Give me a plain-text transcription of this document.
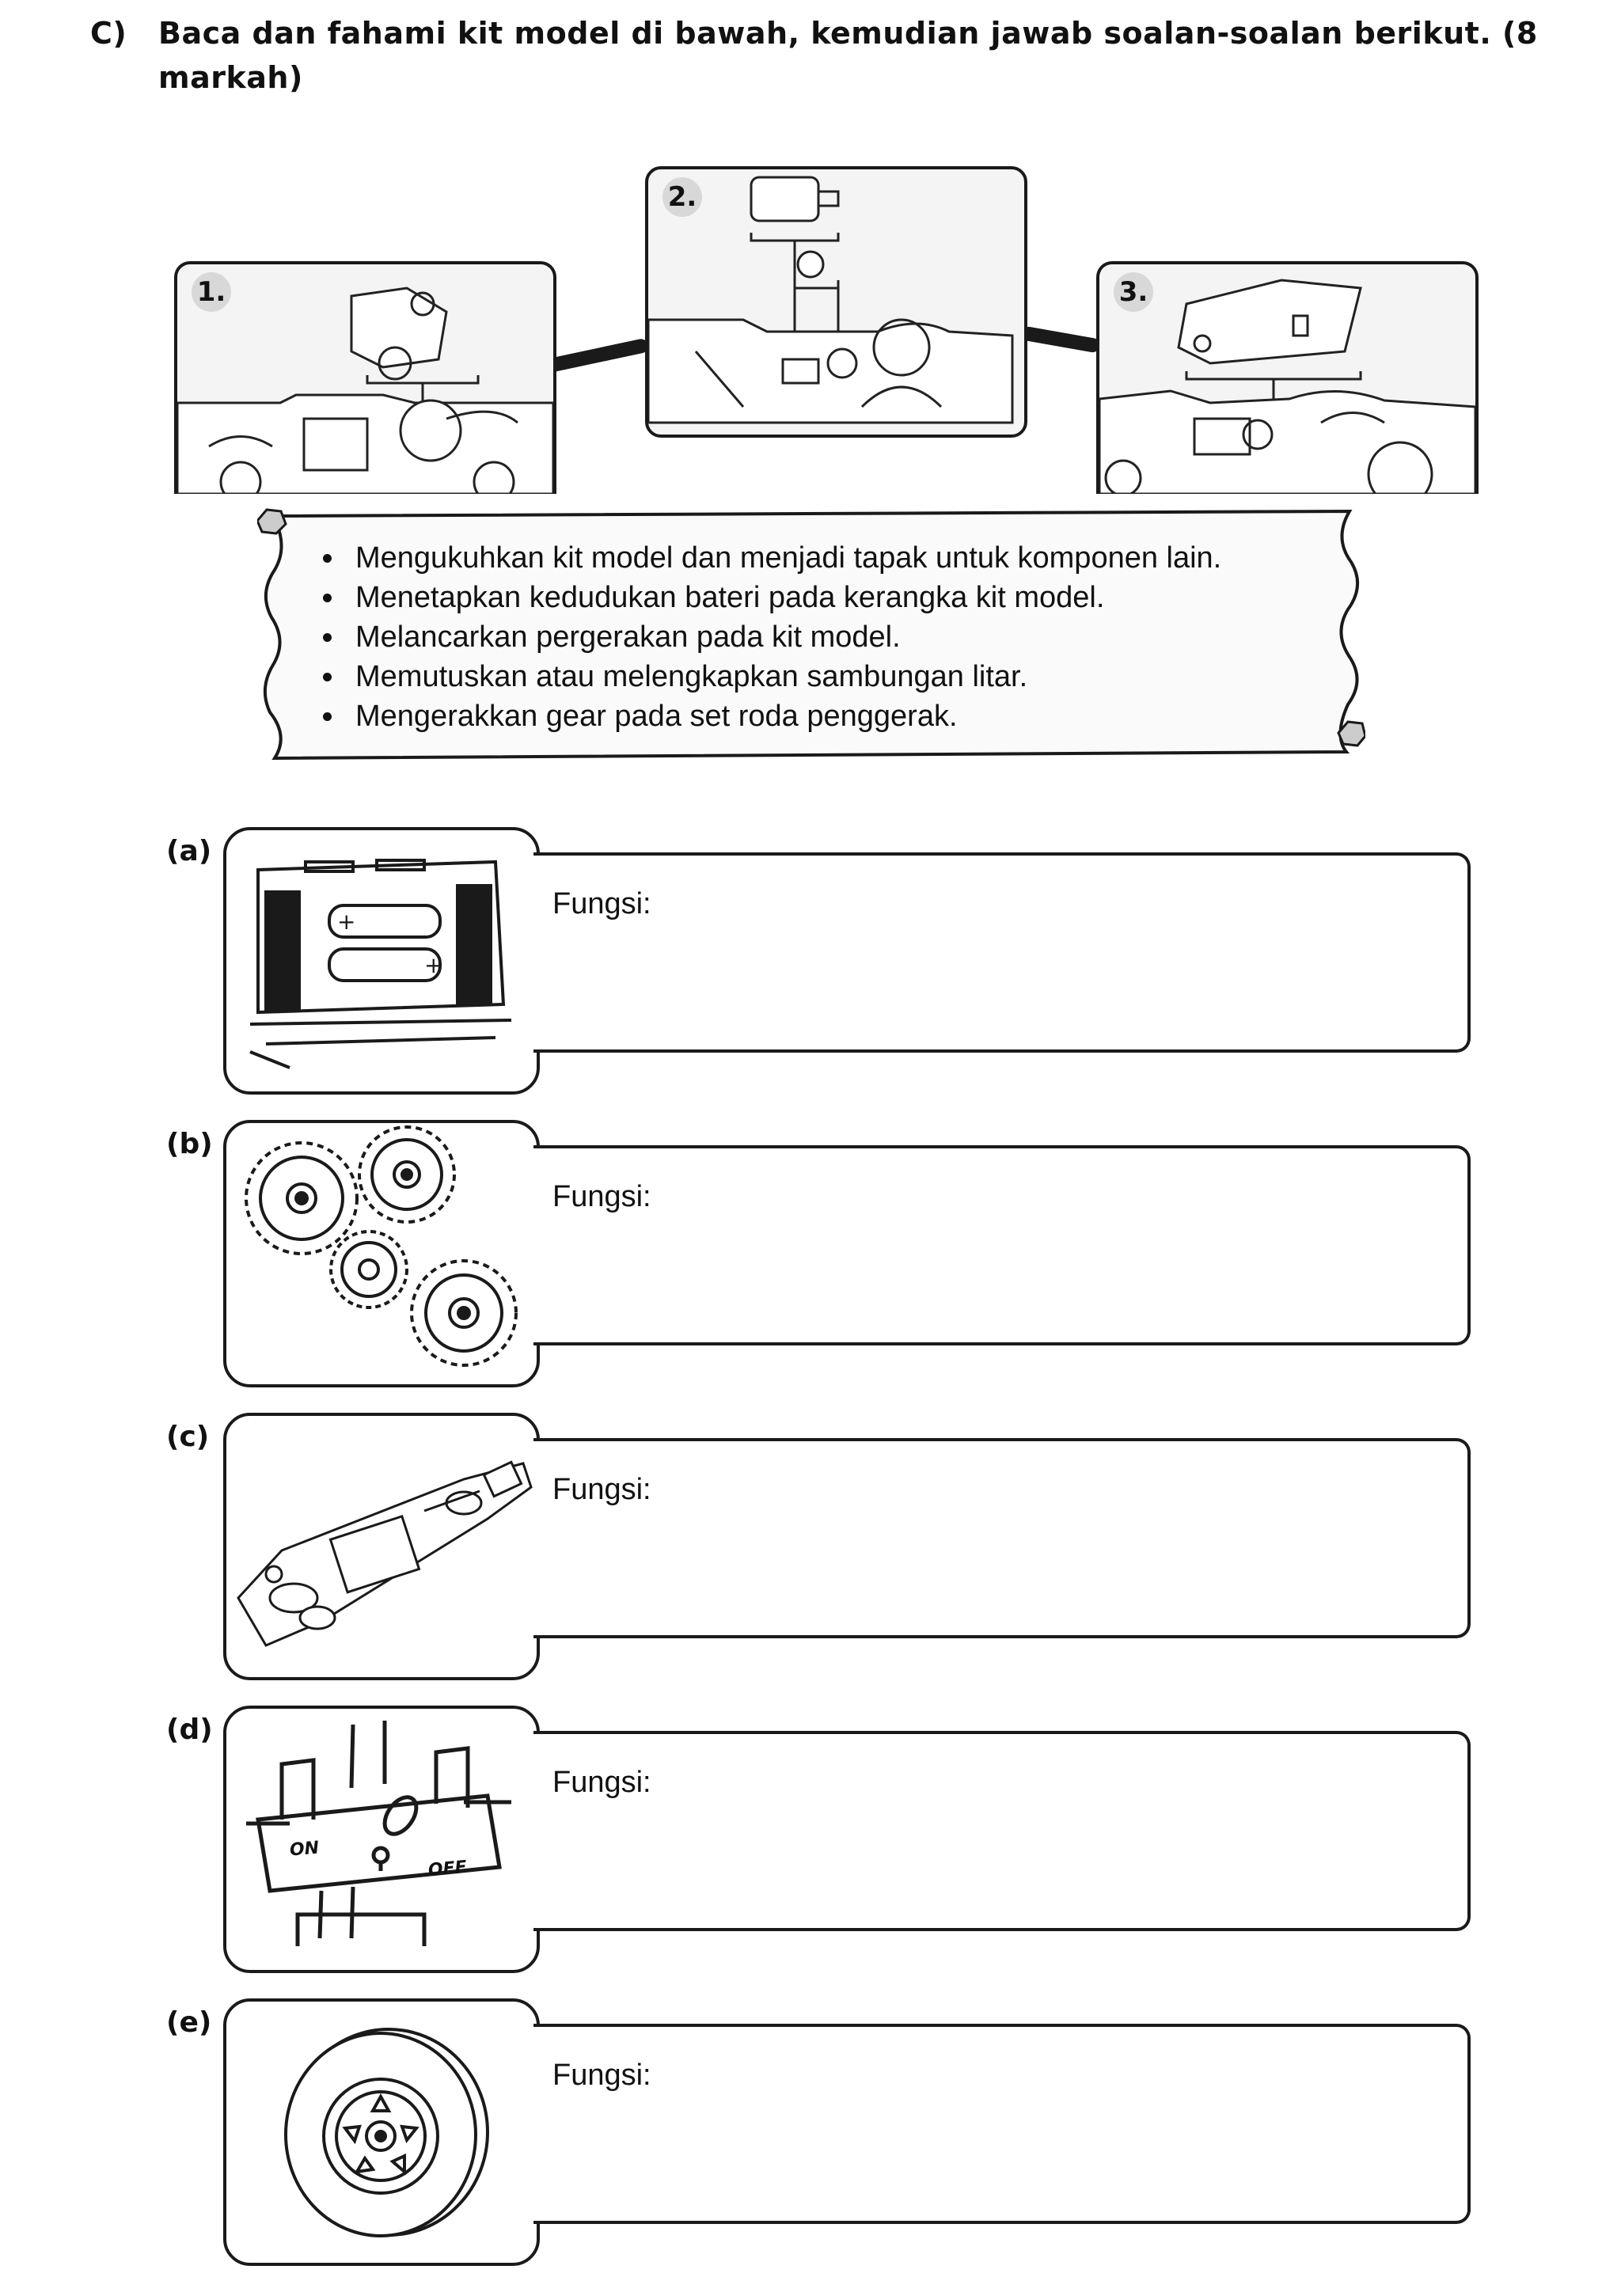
C)	Baca dan fahami kit model di bawah, kemudian jawab soalan-soalan berikut. (8 markah)
1.
2.
3.
• Mengukuhkan kit model dan menjadi tapak untuk komponen lain.
• Menetapkan kedudukan bateri pada kerangka kit model.
• Melancarkan pergerakan pada kit model.
• Memutuskan atau melengkapkan sambungan litar.
• Mengerakkan gear pada set roda penggerak.
(a)
+
+
Fungsi:
(b)
Fungsi:
(c)
Fungsi:
(d)
ON
OFF
Fungsi:
(e)
Fungsi:
